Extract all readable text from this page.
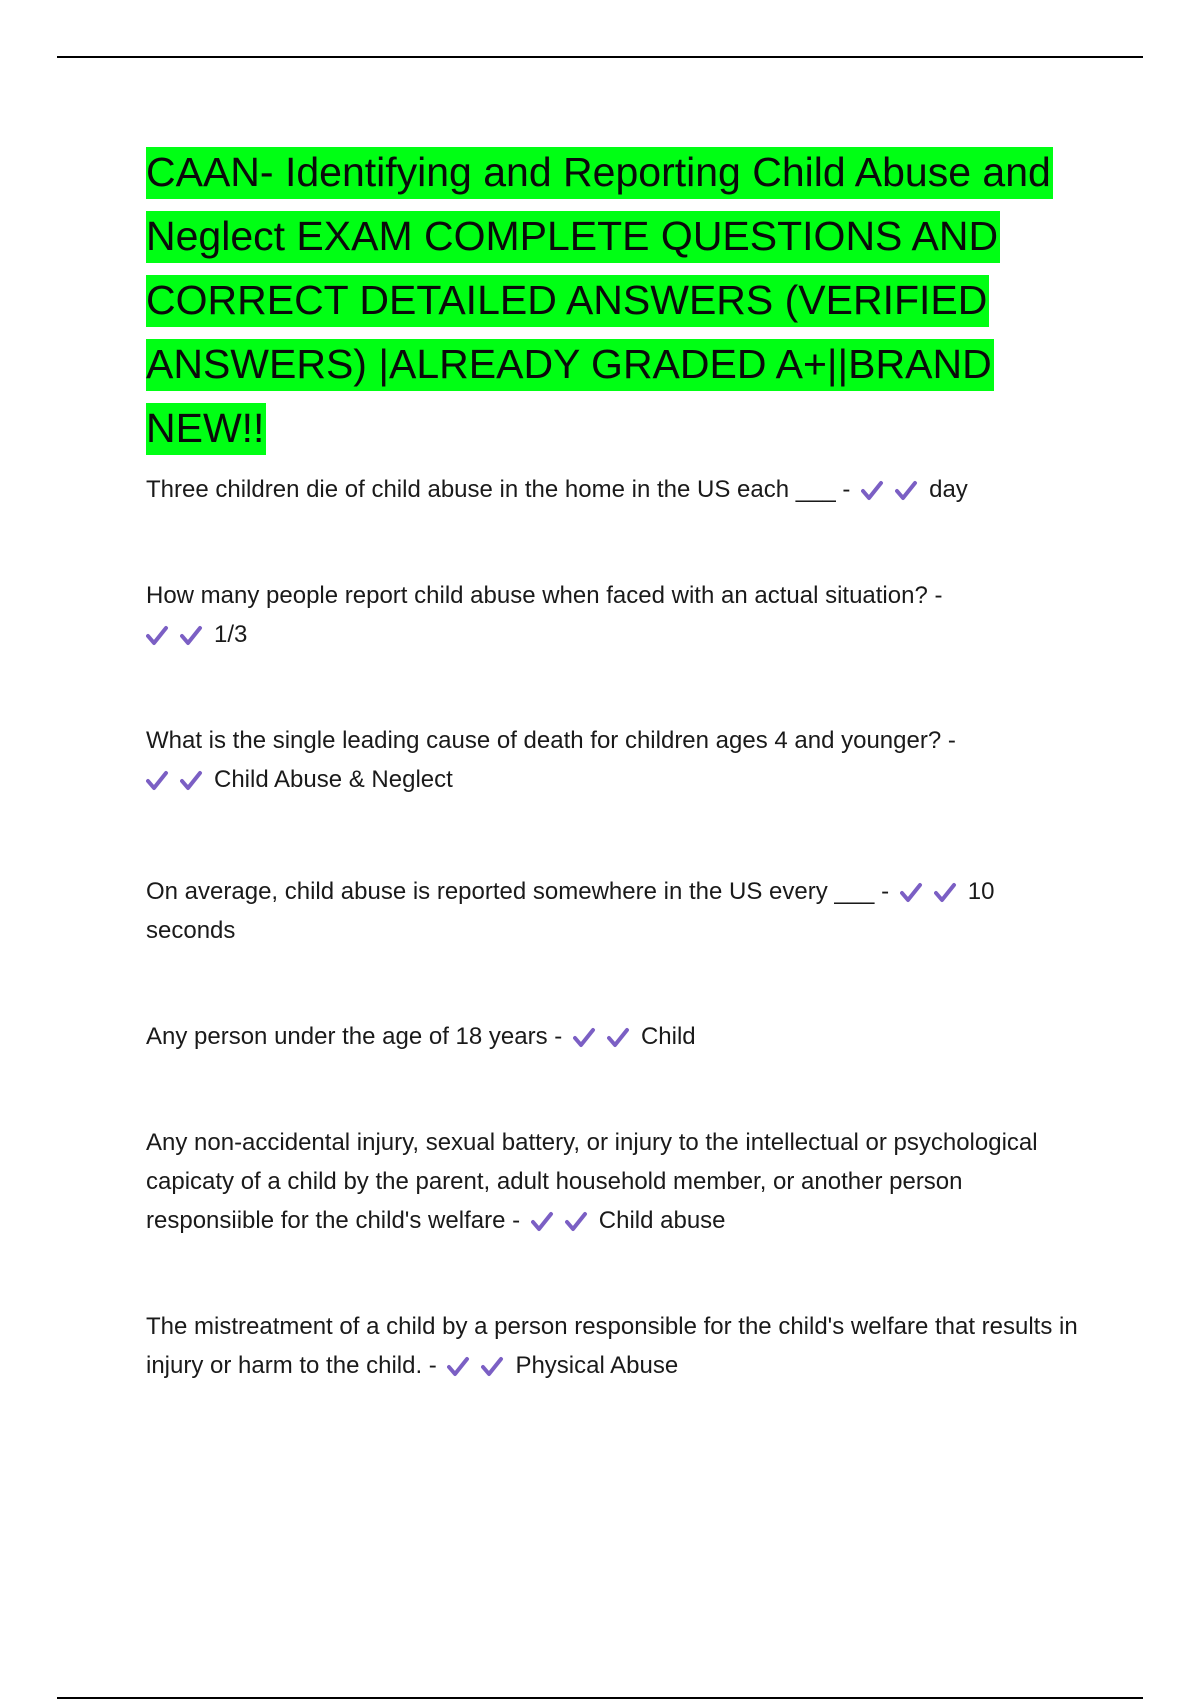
CAAN- Identifying and Reporting Child Abuse and Neglect EXAM COMPLETE QUESTIONS AND CORRECT DETAILED ANSWERS (VERIFIED ANSWERS) |ALREADY GRADED A+||BRAND NEW!!

Three children die of child abuse in the home in the US each ___ -	day

How many people report child abuse when faced with an actual situation? -

1/3

What is the single leading cause of death for children ages 4 and younger? -

Child Abuse & Neglect

On average, child abuse is reported somewhere in the US every ___ -	10 seconds

Any person under the age of 18 years -	Child

Any non-accidental injury, sexual battery, or injury to the intellectual or psychological capicaty of a child by the parent, adult household member, or another person responsiible for the child's welfare -	Child abuse

The mistreatment of a child by a person responsible for the child's welfare that results in injury or harm to the child. -	Physical Abuse
